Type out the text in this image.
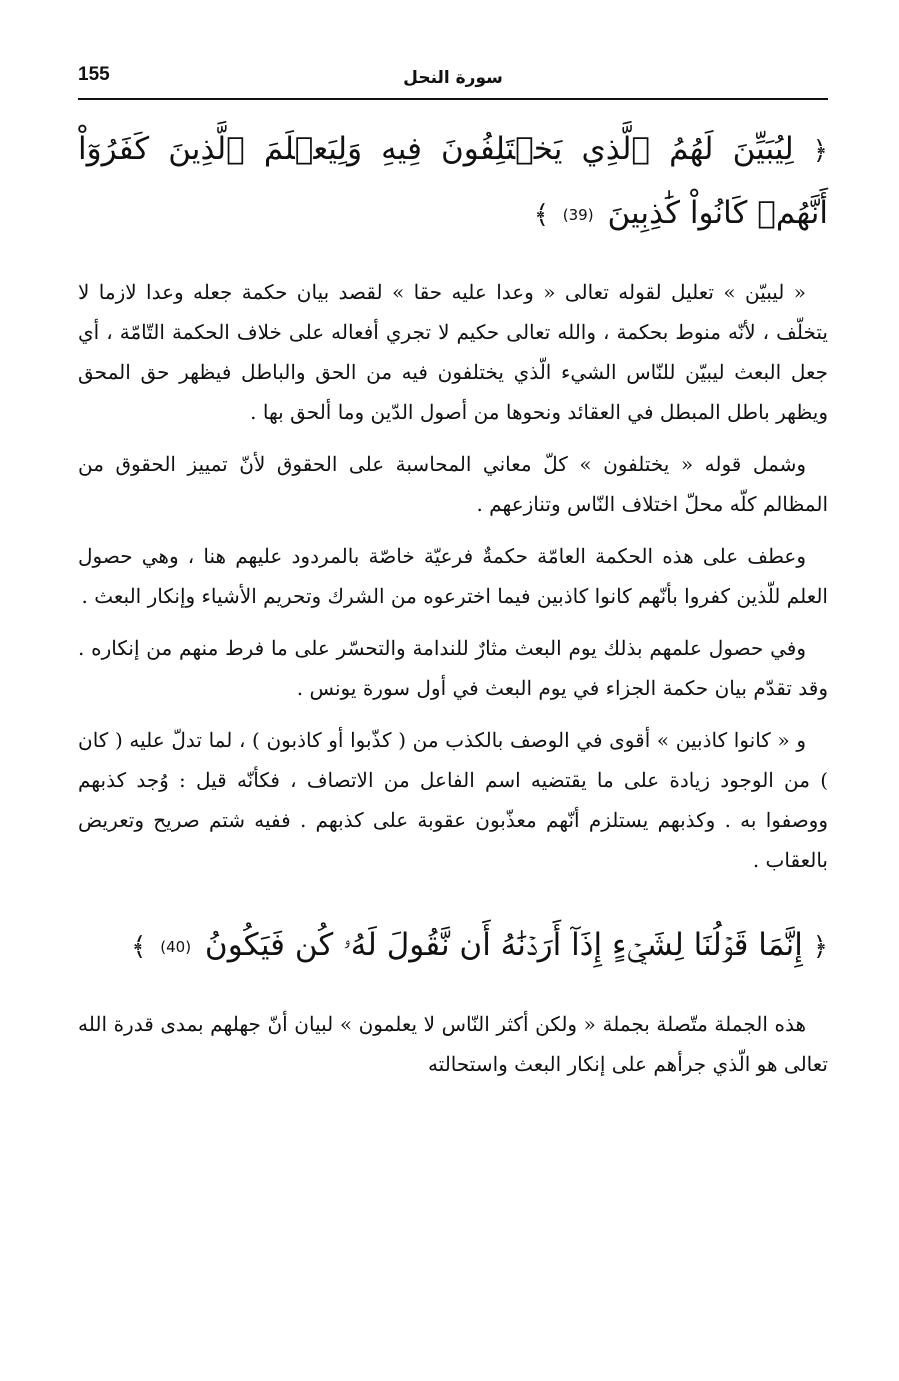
155	سورة النحل
﴿ لِيُبَيِّنَ لَهُمُ ٱلَّذِي يَخۡتَلِفُونَ فِيهِ وَلِيَعۡلَمَ ٱلَّذِينَ كَفَرُوٓاْ أَنَّهُمۡ كَانُواْ كَٰذِبِينَ (39) ﴾

« ليبيّن » تعليل لقوله تعالى « وعدا عليه حقا » لقصد بيان حكمة جعله وعدا لازما لا يتخلّف ، لأنّه منوط بحكمة ، والله تعالى حكيم لا تجري أفعاله على خلاف الحكمة التّامّة ، أي جعل البعث ليبيّن للنّاس الشيء الّذي يختلفون فيه من الحق والباطل فيظهر حق المحق ويظهر باطل المبطل في العقائد ونحوها من أصول الدّين وما ألحق بها .

وشمل قوله « يختلفون » كلّ معاني المحاسبة على الحقوق لأنّ تمييز الحقوق من المظالم كلّه محلّ اختلاف النّاس وتنازعهم .

وعطف على هذه الحكمة العامّة حكمةٌ فرعيّة خاصّة بالمردود عليهم هنا ، وهي حصول العلم للّذين كفروا بأنّهم كانوا كاذبين فيما اخترعوه من الشرك وتحريم الأشياء وإنكار البعث .

وفي حصول علمهم بذلك يوم البعث مثارٌ للندامة والتحسّر على ما فرط منهم من إنكاره . وقد تقدّم بيان حكمة الجزاء في يوم البعث في أول سورة يونس .

و « كانوا كاذبين » أقوى في الوصف بالكذب من ( كذّبوا أو كاذبون ) ، لما تدلّ عليه ( كان ) من الوجود زيادة على ما يقتضيه اسم الفاعل من الاتصاف ، فكأنّه قيل : وُجد كذبهم ووصفوا به . وكذبهم يستلزم أنّهم معذّبون عقوبة على كذبهم . ففيه شتم صريح وتعريض بالعقاب .

﴿ إِنَّمَا قَوۡلُنَا لِشَيۡءٍ إِذَآ أَرَدۡنَٰهُ أَن نَّقُولَ لَهُۥ كُن فَيَكُونُ (40) ﴾

هذه الجملة متّصلة بجملة « ولكن أكثر النّاس لا يعلمون » لبيان أنّ جهلهم بمدى قدرة الله تعالى هو الّذي جرأهم على إنكار البعث واستحالته
